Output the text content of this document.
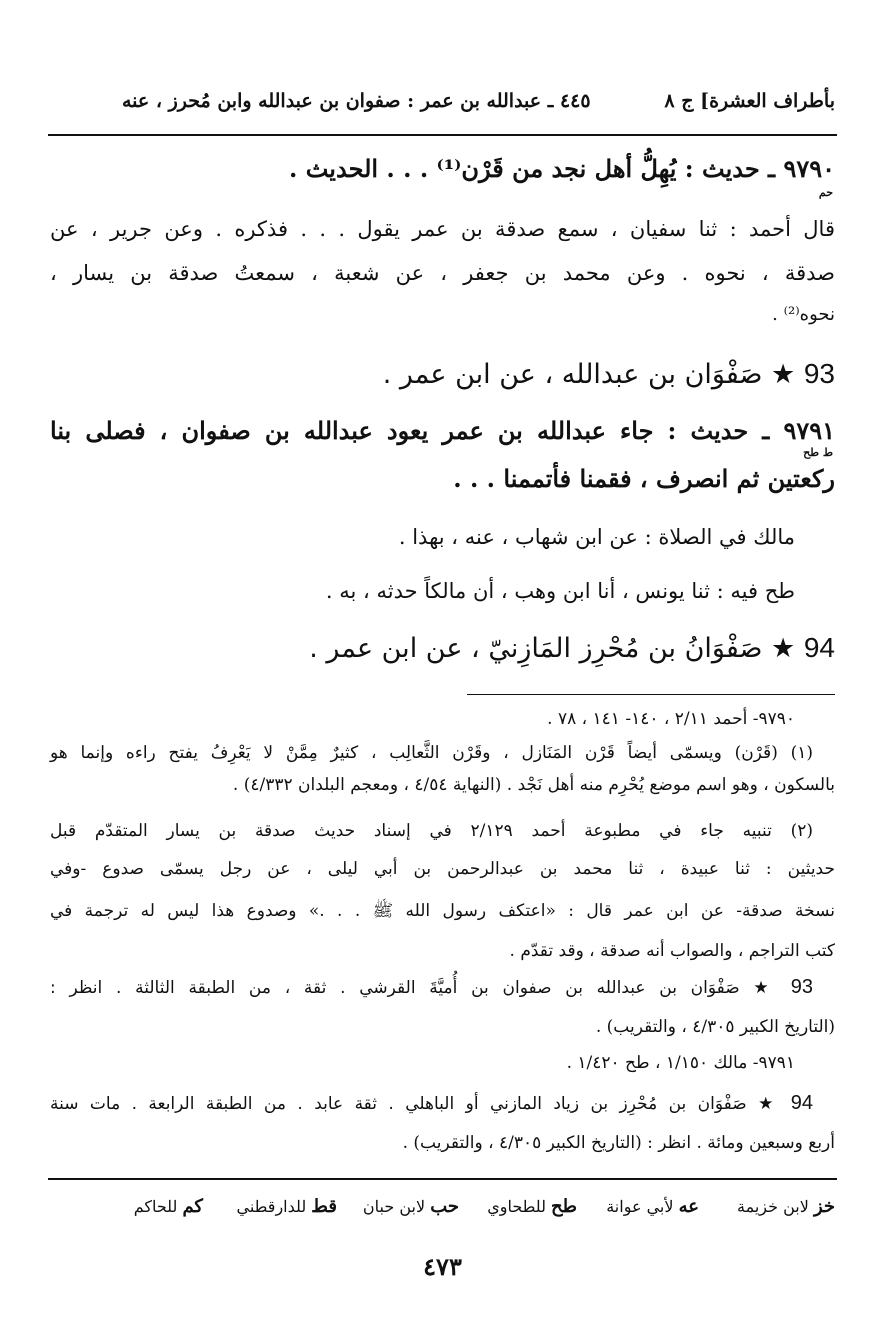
بأطراف العشرة] ج ٨
٤٤٥ ـ عبدالله بن عمر : صفوان بن عبدالله وابن مُحرز ، عنه
٩٧٩٠ ـ حديث : يُهِلُّ أهل نجد من قَرْن⁽¹⁾ . . . الحديث .
حم
قال أحمد : ثنا سفيان ، سمع صدقة بن عمر يقول . . . فذكره . وعن جرير ، عن
صدقة ، نحوه . وعن محمد بن جعفر ، عن شعبة ، سمعتُ صدقة بن يسار ،
نحوه⁽²⁾ .
93 ★ صَفْوَان بن عبدالله ، عن ابن عمر .
٩٧٩١ ـ حديث : جاء عبدالله بن عمر يعود عبدالله بن صفوان ، فصلى بنا
ط طح
ركعتين ثم انصرف ، فقمنا فأتممنا . . .
مالك في الصلاة : عن ابن شهاب ، عنه ، بهذا .
طح فيه : ثنا يونس ، أنا ابن وهب ، أن مالكاً حدثه ، به .
94 ★ صَفْوَانُ بن مُحْرِز المَازِنيّ ، عن ابن عمر .
٩٧٩٠- أحمد ٢/١١ ، ١٤٠- ١٤١ ، ٧٨ .
(١) (قَرْن) ويسمّى أيضاً قَرْن المَنَازل ، وقَرْن الثَّعالِب ، كثيرٌ مِمَّنْ لا يَعْرِفُ يفتح راءه وإنما هو
بالسكون ، وهو اسم موضع يُحْرِم منه أهل نَجْد . (النهاية ٤/٥٤ ، ومعجم البلدان ٤/٣٣٢) .
(٢) تنبيه جاء في مطبوعة أحمد ٢/١٢٩ في إسناد حديث صدقة بن يسار المتقدّم قبل
حديثين : ثنا عبيدة ، ثنا محمد بن عبدالرحمن بن أبي ليلى ، عن رجل يسمّى صدوع -وفي
نسخة صدقة- عن ابن عمر قال : «اعتكف رسول الله ﷺ . . .» وصدوع هذا ليس له ترجمة في
كتب التراجم ، والصواب أنه صدقة ، وقد تقدّم .
93 ★ صَفْوَان بن عبدالله بن صفوان بن أُميَّةَ القرشي . ثقة ، من الطبقة الثالثة . انظر :
(التاريخ الكبير ٤/٣٠٥ ، والتقريب) .
٩٧٩١- مالك ١/١٥٠ ، طح ١/٤٢٠ .
94 ★ صَفْوَان بن مُحْرِز بن زياد المازني أو الباهلي . ثقة عابد . من الطبقة الرابعة . مات سنة
أربع وسبعين ومائة . انظر : (التاريخ الكبير ٤/٣٠٥ ، والتقريب) .
خز لابن خزيمة
عه لأبي عوانة
طح للطحاوي
حب لابن حبان
قط للدارقطني
كم للحاكم
٤٧٣
